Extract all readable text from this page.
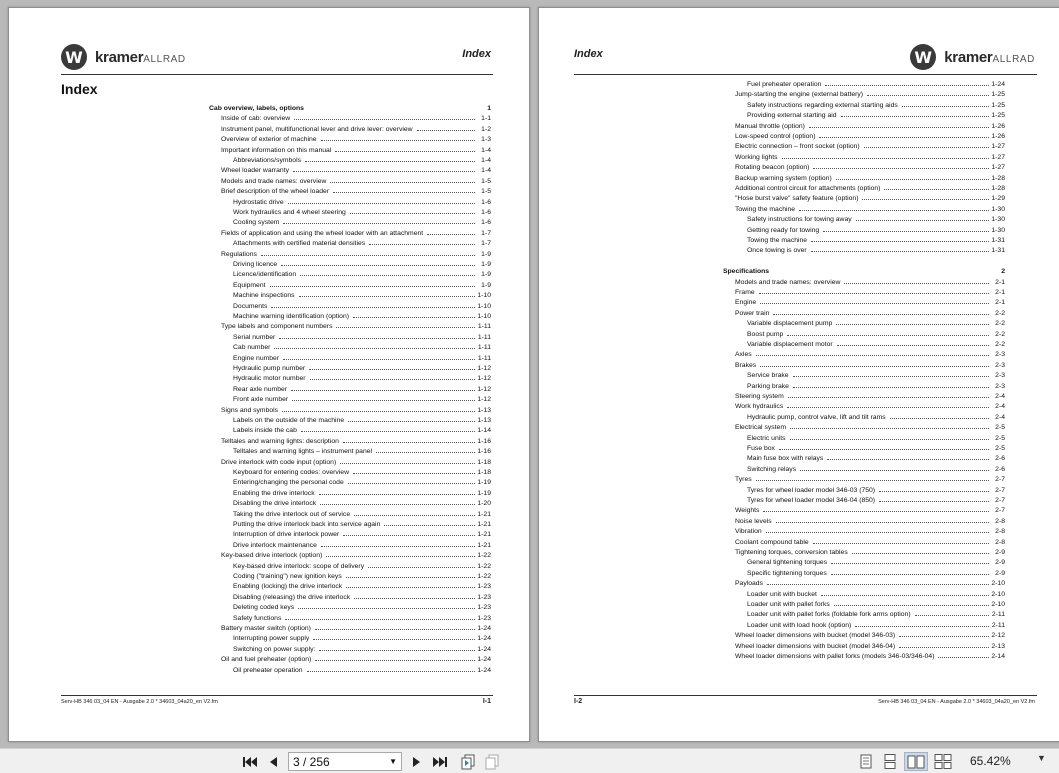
W kramerALLRAD	Index
Index
Cab overview, labels, options	1
Inside of cab: overview	1-1
Instrument panel, multifunctional lever and drive lever: overview	1-2
Overview of exterior of machine	1-3
Important information on this manual	1-4
Abbreviations/symbols	1-4
Wheel loader warranty	1-4
Models and trade names: overview	1-5
Brief description of the wheel loader	1-5
Hydrostatic drive	1-6
Work hydraulics and 4 wheel steering	1-6
Cooling system	1-6
Fields of application and using the wheel loader with an attachment	1-7
Attachments with certified material densities	1-7
Regulations	1-9
Driving licence	1-9
Licence/identification	1-9
Equipment	1-9
Machine inspections	1-10
Documents	1-10
Machine warning identification (option)	1-10
Type labels and component numbers	1-11
Serial number	1-11
Cab number	1-11
Engine number	1-11
Hydraulic pump number	1-12
Hydraulic motor number	1-12
Rear axle number	1-12
Front axle number	1-12
Signs and symbols	1-13
Labels on the outside of the machine	1-13
Labels inside the cab	1-14
Telltales and warning lights: description	1-16
Telltales and warning lights – instrument panel	1-16
Drive interlock with code input (option)	1-18
Keyboard for entering codes: overview	1-18
Entering/changing the personal code	1-19
Enabling the drive interlock	1-19
Disabling the drive interlock	1-20
Taking the drive interlock out of service	1-21
Putting the drive interlock back into service again	1-21
Interruption of drive interlock power	1-21
Drive interlock maintenance	1-21
Key-based drive interlock (option)	1-22
Key-based drive interlock: scope of delivery	1-22
Coding ("training") new ignition keys	1-22
Enabling (locking) the drive interlock	1-23
Disabling (releasing) the drive interlock	1-23
Deleting coded keys	1-23
Safety functions	1-23
Battery master switch (option)	1-24
Interrupting power supply	1-24
Switching on power supply:	1-24
Oil and fuel preheater (option)	1-24
Oil preheater operation	1-24
Serv-HB 346 03_04 EN - Ausgabe 2.0 * 34603_04a20_en V2.fm	I-1
Index	W kramerALLRAD
Fuel preheater operation	1-24
Jump-starting the engine (external battery)	1-25
Safety instructions regarding external starting aids	1-25
Providing external starting aid	1-25
Manual throttle (option)	1-26
Low-speed control (option)	1-26
Electric connection – front socket (option)	1-27
Working lights	1-27
Rotating beacon (option)	1-27
Backup warning system (option)	1-28
Additional control circuit for attachments (option)	1-28
"Hose burst valve" safety feature (option)	1-29
Towing the machine	1-30
Safety instructions for towing away	1-30
Getting ready for towing	1-30
Towing the machine	1-31
Once towing is over	1-31
Specifications	2
Models and trade names: overview	2-1
Frame	2-1
Engine	2-1
Power train	2-2
Variable displacement pump	2-2
Boost pump	2-2
Variable displacement motor	2-2
Axles	2-3
Brakes	2-3
Service brake	2-3
Parking brake	2-3
Steering system	2-4
Work hydraulics	2-4
Hydraulic pump, control valve, lift and tilt rams	2-4
Electrical system	2-5
Electric units	2-5
Fuse box	2-5
Main fuse box with relays	2-6
Switching relays	2-6
Tyres	2-7
Tyres for wheel loader model 346-03 (750)	2-7
Tyres for wheel loader model 346-04 (850)	2-7
Weights	2-7
Noise levels	2-8
Vibration	2-8
Coolant compound table	2-8
Tightening torques, conversion tables	2-9
General tightening torques	2-9
Specific tightening torques	2-9
Payloads	2-10
Loader unit with bucket	2-10
Loader unit with pallet forks	2-10
Loader unit with pallet forks (foldable fork arms option)	2-11
Loader unit with load hook (option)	2-11
Wheel loader dimensions with bucket (model 346-03)	2-12
Wheel loader dimensions with bucket (model 346-04)	2-13
Wheel loader dimensions with pallet forks (models 346-03/346-04)	2-14
I-2	Serv-HB 346 03_04 EN - Ausgabe 2.0 * 34603_04a20_en V2.fm
3 / 256	▼	65.42%	▼
